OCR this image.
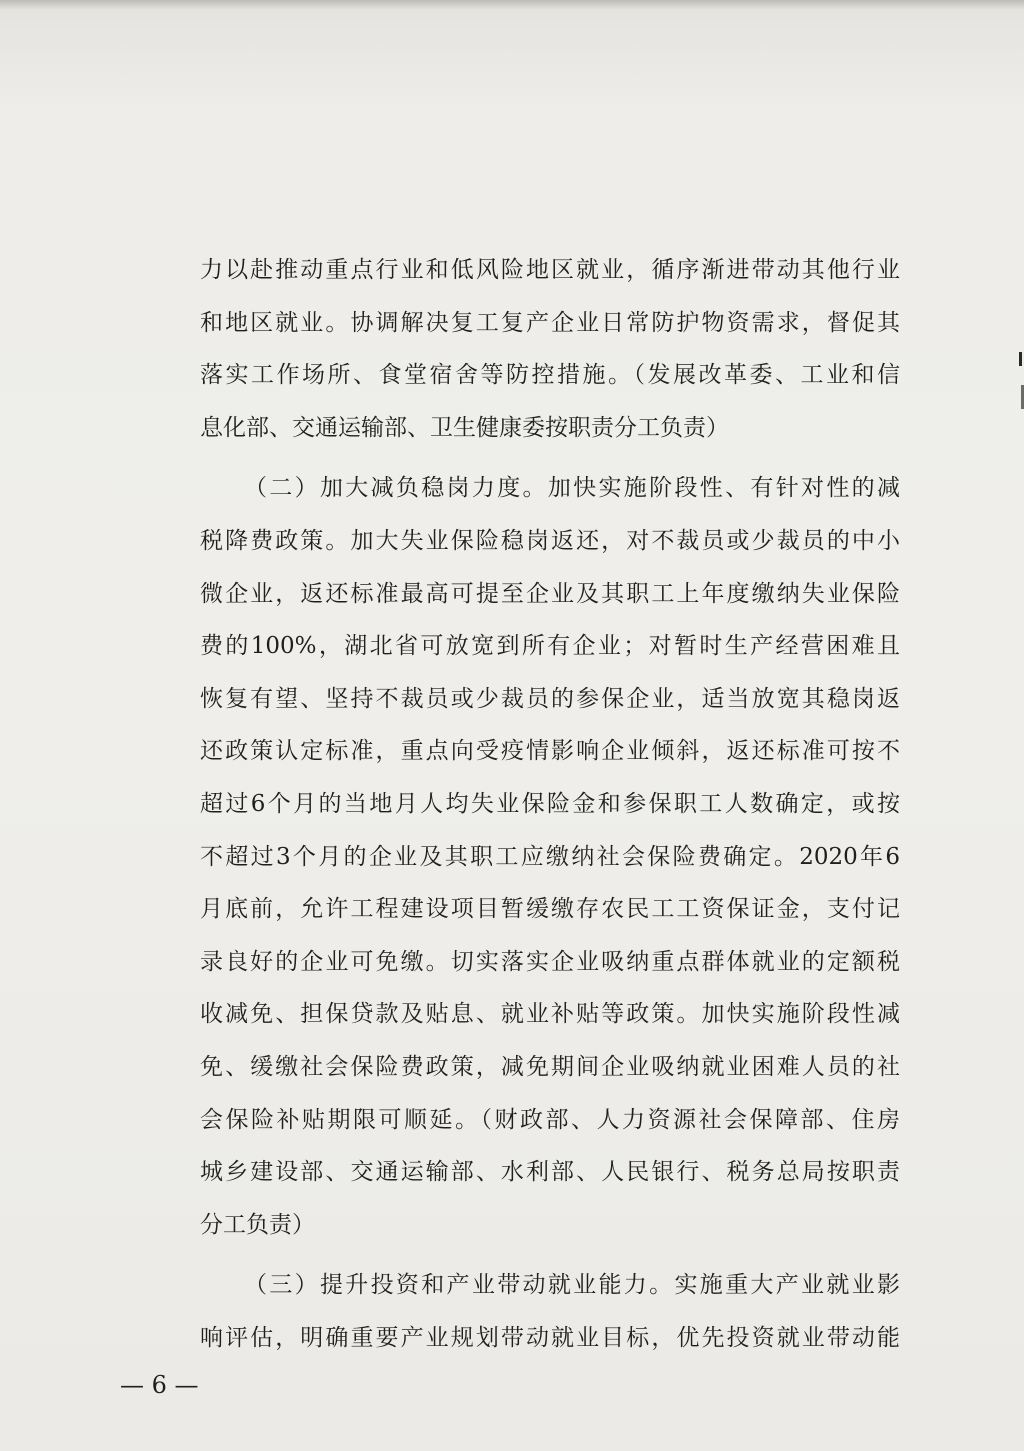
力以赴推动重点行业和低风险地区就业，循序渐进带动其他行业
和地区就业。协调解决复工复产企业日常防护物资需求，督促其
落实工作场所、食堂宿舍等防控措施。（发展改革委、工业和信
息化部、交通运输部、卫生健康委按职责分工负责）
（二）加大减负稳岗力度。加快实施阶段性、有针对性的减
税降费政策。加大失业保险稳岗返还，对不裁员或少裁员的中小
微企业，返还标准最高可提至企业及其职工上年度缴纳失业保险
费的100%，湖北省可放宽到所有企业；对暂时生产经营困难且
恢复有望、坚持不裁员或少裁员的参保企业，适当放宽其稳岗返
还政策认定标准，重点向受疫情影响企业倾斜，返还标准可按不
超过6个月的当地月人均失业保险金和参保职工人数确定，或按
不超过3个月的企业及其职工应缴纳社会保险费确定。2020年6
月底前，允许工程建设项目暂缓缴存农民工工资保证金，支付记
录良好的企业可免缴。切实落实企业吸纳重点群体就业的定额税
收减免、担保贷款及贴息、就业补贴等政策。加快实施阶段性减
免、缓缴社会保险费政策，减免期间企业吸纳就业困难人员的社
会保险补贴期限可顺延。（财政部、人力资源社会保障部、住房
城乡建设部、交通运输部、水利部、人民银行、税务总局按职责
分工负责）
（三）提升投资和产业带动就业能力。实施重大产业就业影
响评估，明确重要产业规划带动就业目标，优先投资就业带动能
— 6 —
